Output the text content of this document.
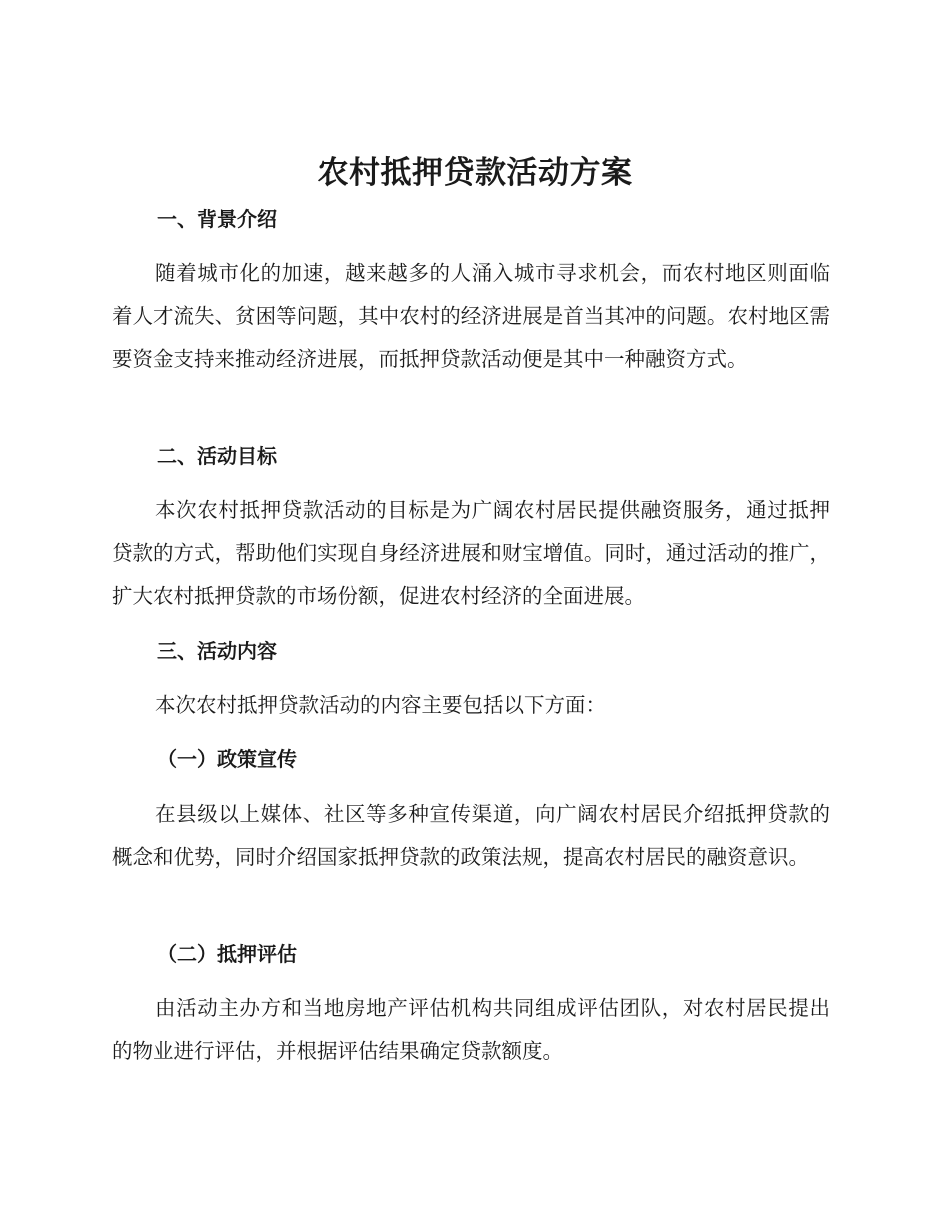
农村抵押贷款活动方案
一、背景介绍

随着城市化的加速，越来越多的人涌入城市寻求机会，而农村地区则面临着人才流失、贫困等问题，其中农村的经济进展是首当其冲的问题。农村地区需要资金支持来推动经济进展，而抵押贷款活动便是其中一种融资方式。

二、活动目标

本次农村抵押贷款活动的目标是为广阔农村居民提供融资服务，通过抵押贷款的方式，帮助他们实现自身经济进展和财宝增值。同时，通过活动的推广，扩大农村抵押贷款的市场份额，促进农村经济的全面进展。

三、活动内容

本次农村抵押贷款活动的内容主要包括以下方面：

（一）政策宣传

在县级以上媒体、社区等多种宣传渠道，向广阔农村居民介绍抵押贷款的概念和优势，同时介绍国家抵押贷款的政策法规，提高农村居民的融资意识。

（二）抵押评估

由活动主办方和当地房地产评估机构共同组成评估团队，对农村居民提出的物业进行评估，并根据评估结果确定贷款额度。
